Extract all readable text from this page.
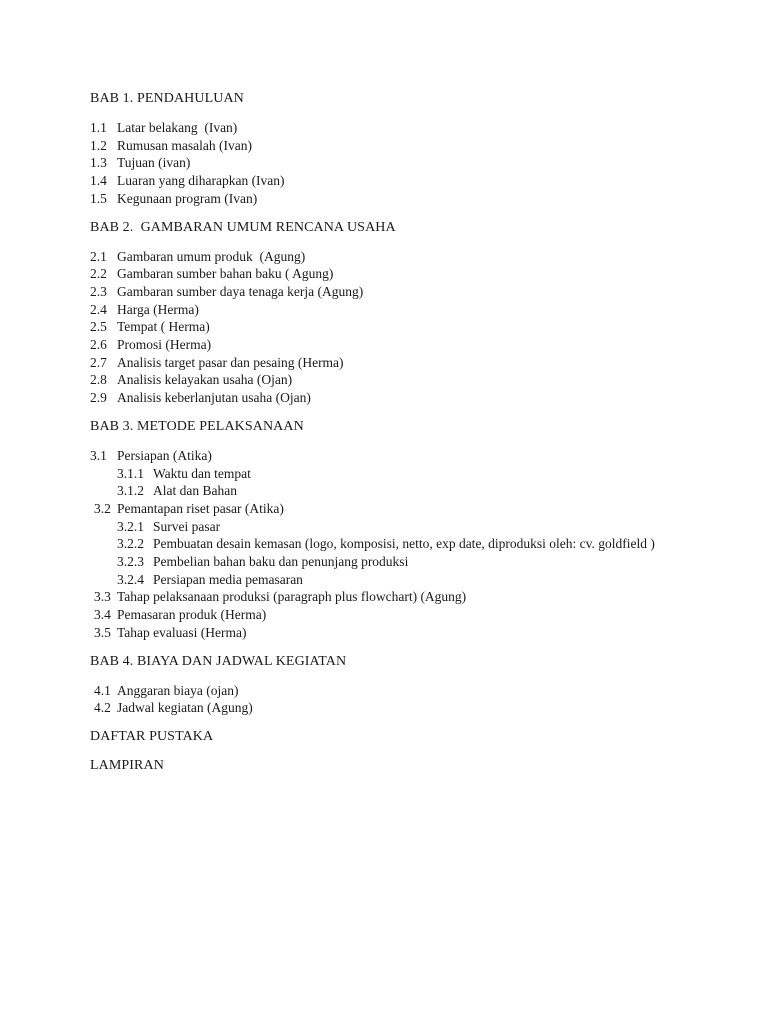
BAB 1. PENDAHULUAN

1.1 Latar belakang  (Ivan)
1.2 Rumusan masalah (Ivan)
1.3 Tujuan (ivan)
1.4 Luaran yang diharapkan (Ivan)
1.5 Kegunaan program (Ivan)

BAB 2.  GAMBARAN UMUM RENCANA USAHA

2.1 Gambaran umum produk  (Agung)
2.2 Gambaran sumber bahan baku ( Agung)
2.3 Gambaran sumber daya tenaga kerja (Agung)
2.4 Harga (Herma)
2.5 Tempat ( Herma)
2.6 Promosi (Herma)
2.7 Analisis target pasar dan pesaing (Herma)
2.8 Analisis kelayakan usaha (Ojan)
2.9 Analisis keberlanjutan usaha (Ojan)

BAB 3. METODE PELAKSANAAN

3.1 Persiapan (Atika)
3.1.1 Waktu dan tempat
3.1.2 Alat dan Bahan
3.2 Pemantapan riset pasar (Atika)
3.2.1 Survei pasar
3.2.2 Pembuatan desain kemasan (logo, komposisi, netto, exp date, diproduksi oleh: cv. goldfield )
3.2.3 Pembelian bahan baku dan penunjang produksi
3.2.4 Persiapan media pemasaran
3.3 Tahap pelaksanaan produksi (paragraph plus flowchart) (Agung)
3.4 Pemasaran produk (Herma)
3.5 Tahap evaluasi (Herma)

BAB 4. BIAYA DAN JADWAL KEGIATAN

4.1 Anggaran biaya (ojan)
4.2 Jadwal kegiatan (Agung)

DAFTAR PUSTAKA

LAMPIRAN
